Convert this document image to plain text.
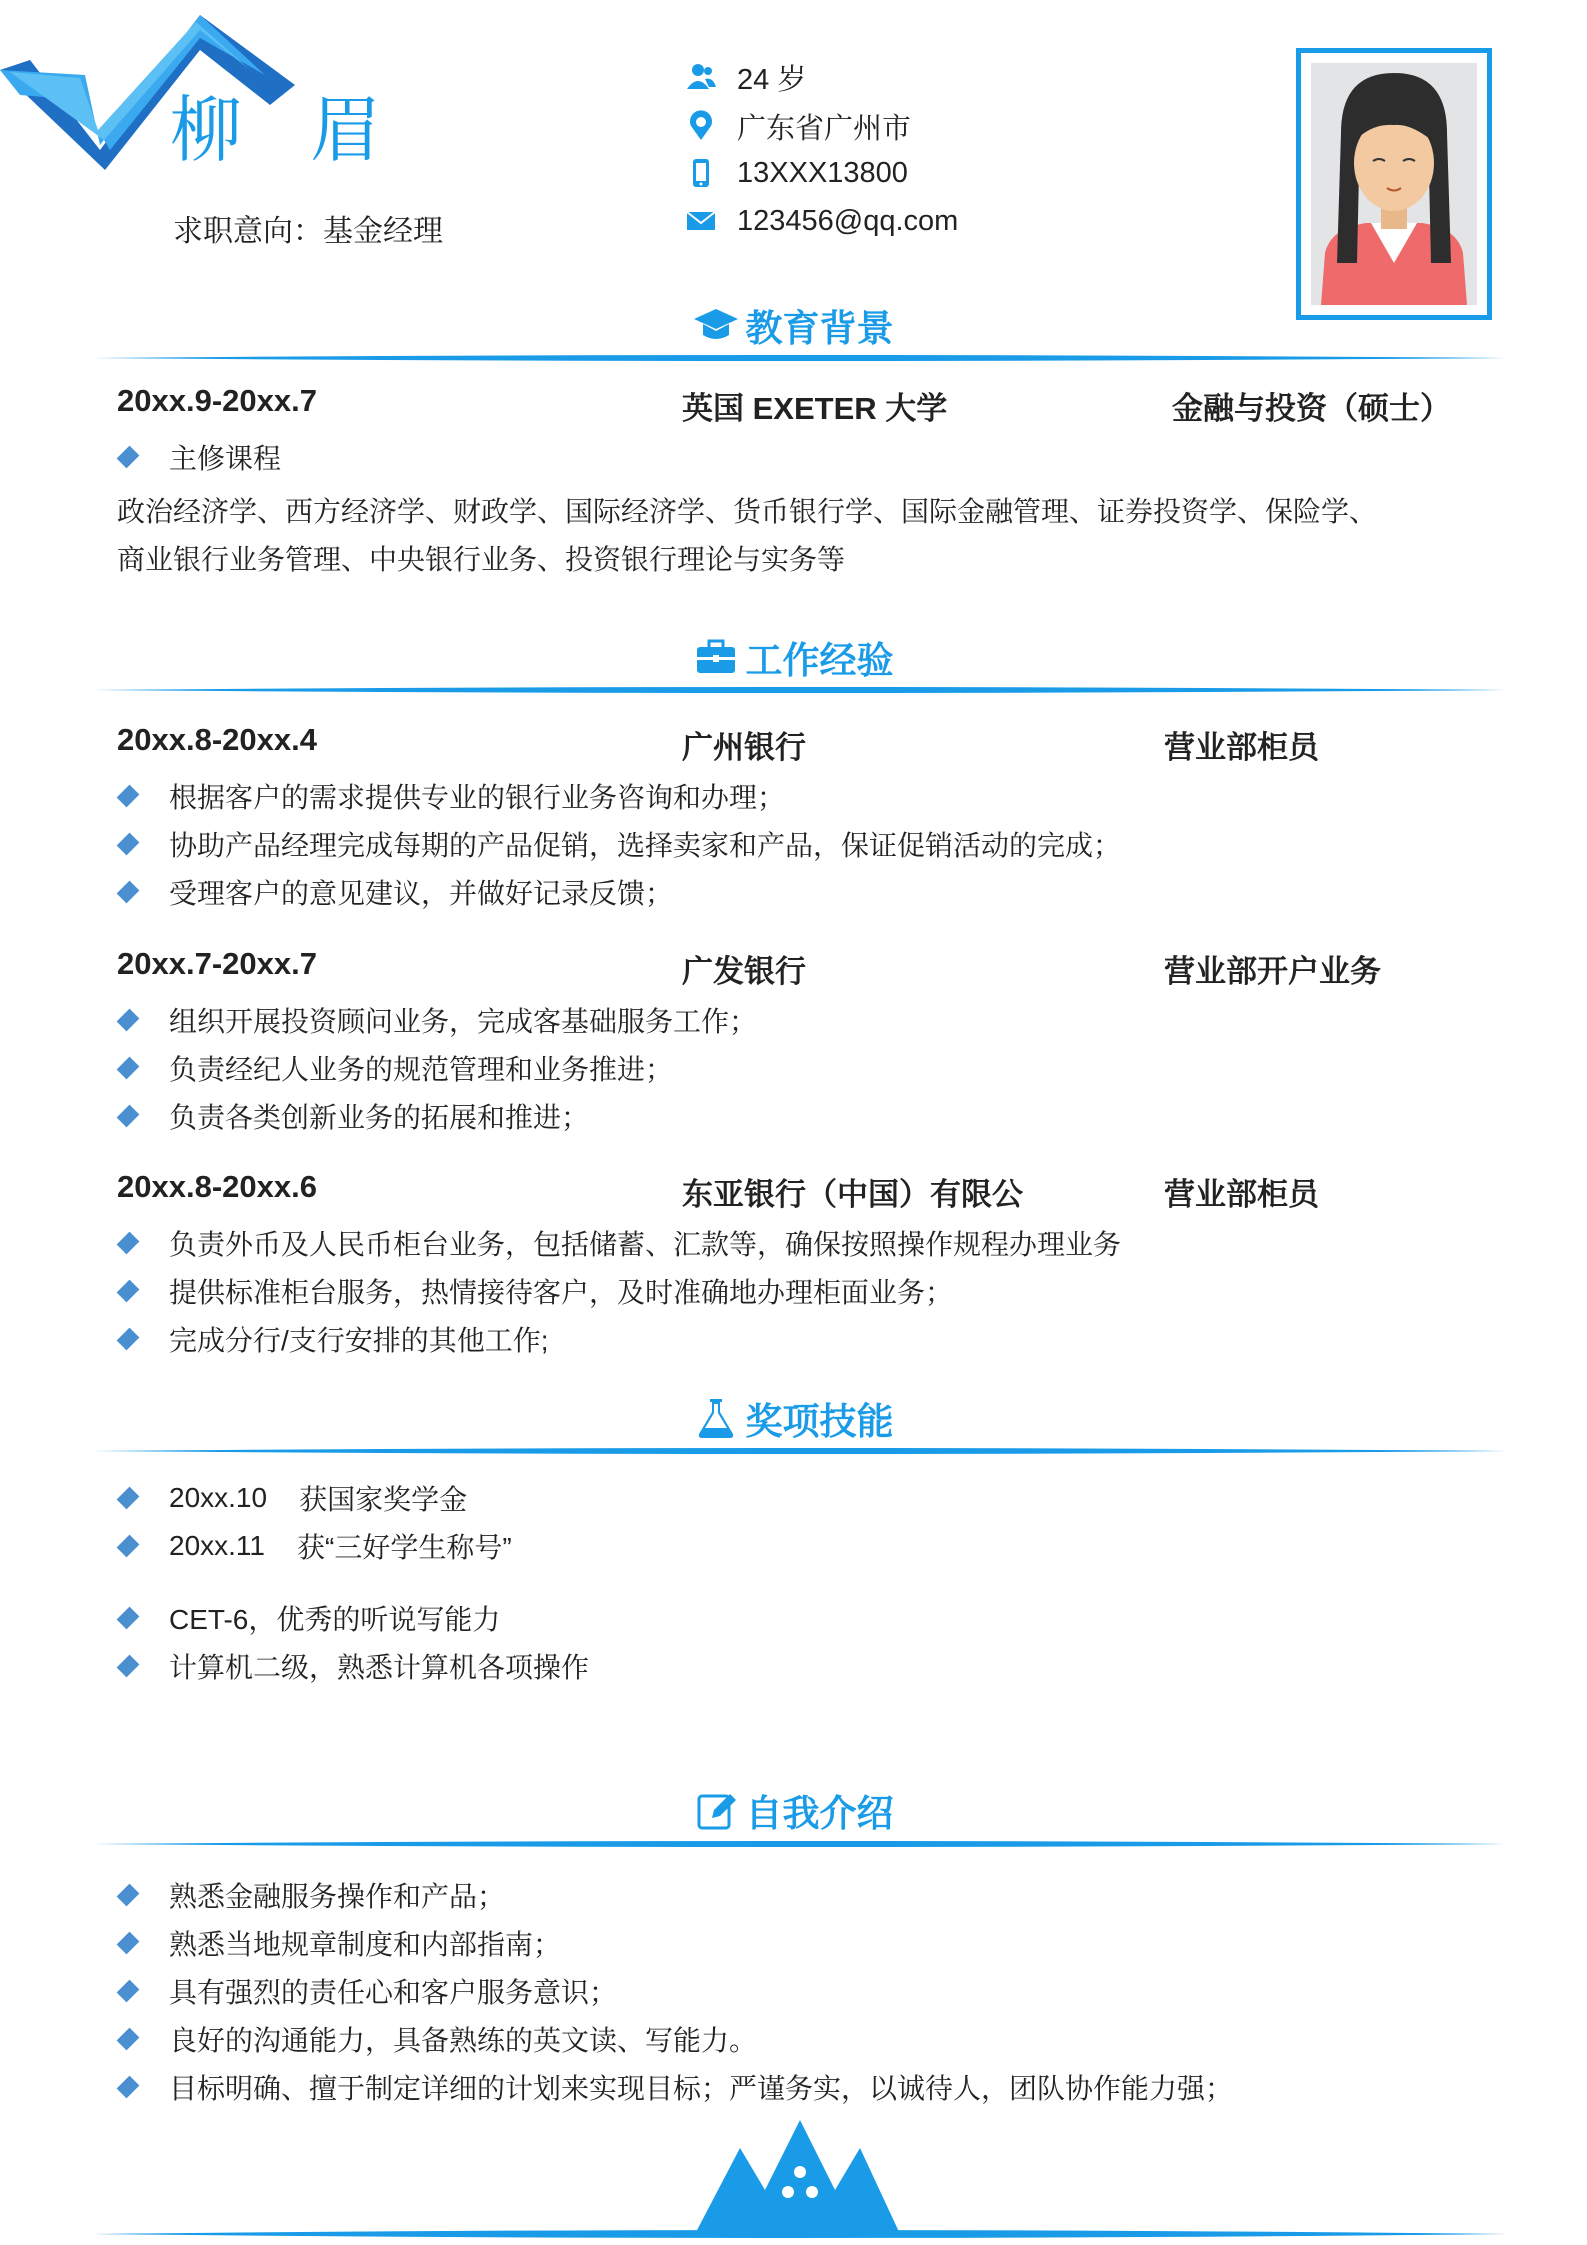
柳 眉
求职意向：基金经理
24 岁
广东省广州市
13XXX13800
123456@qq.com
教育背景
20xx.9-20xx.7	英国 EXETER 大学	金融与投资（硕士）
主修课程
政治经济学、西方经济学、财政学、国际经济学、货币银行学、国际金融管理、证券投资学、保险学、
商业银行业务管理、中央银行业务、投资银行理论与实务等
工作经验
20xx.8-20xx.4	广州银行	营业部柜员
根据客户的需求提供专业的银行业务咨询和办理；
协助产品经理完成每期的产品促销，选择卖家和产品，保证促销活动的完成；
受理客户的意见建议，并做好记录反馈；
20xx.7-20xx.7	广发银行	营业部开户业务
组织开展投资顾问业务，完成客基础服务工作；
负责经纪人业务的规范管理和业务推进；
负责各类创新业务的拓展和推进；
20xx.8-20xx.6	东亚银行（中国）有限公	营业部柜员
负责外币及人民币柜台业务，包括储蓄、汇款等，确保按照操作规程办理业务
提供标准柜台服务，热情接待客户，及时准确地办理柜面业务；
完成分行/支行安排的其他工作;
奖项技能
20xx.10 获国家奖学金
20xx.11 获“三好学生称号”
CET-6，优秀的听说写能力
计算机二级，熟悉计算机各项操作
自我介绍
熟悉金融服务操作和产品；
熟悉当地规章制度和内部指南；
具有强烈的责任心和客户服务意识；
良好的沟通能力，具备熟练的英文读、写能力。
目标明确、擅于制定详细的计划来实现目标；严谨务实，以诚待人，团队协作能力强；
